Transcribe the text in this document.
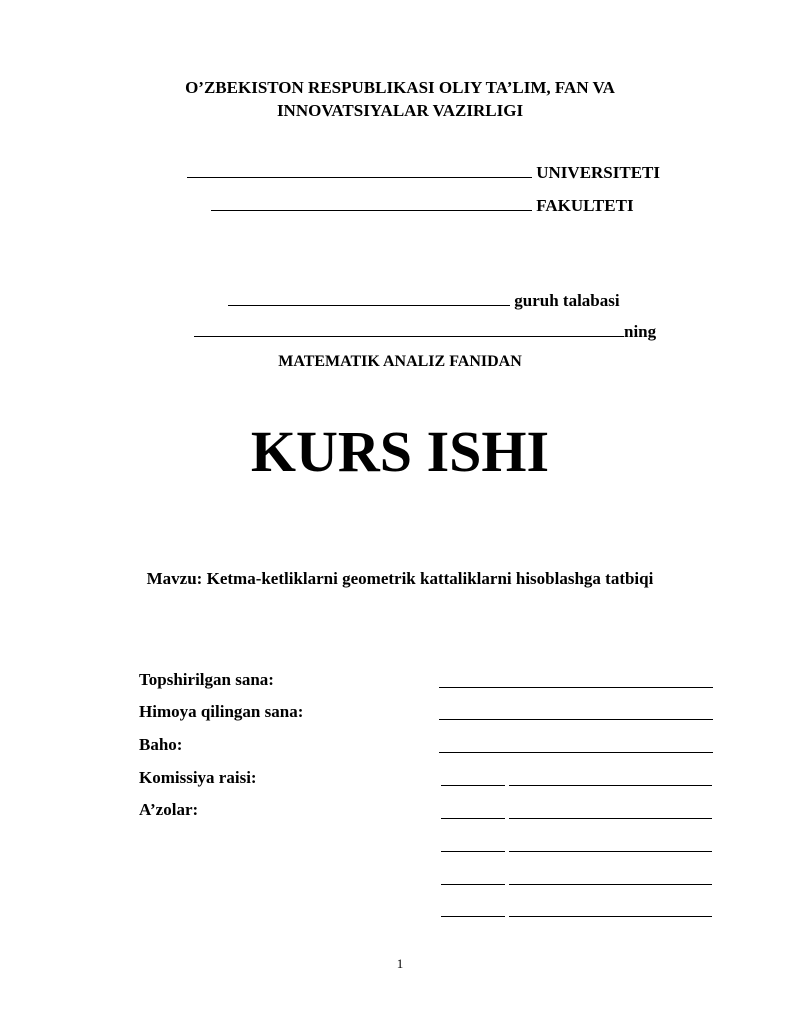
O’ZBEKISTON RESPUBLIKASI OLIY TA’LIM, FAN VA
INNOVATSIYALAR VAZIRLIGI
UNIVERSITETI
FAKULTETI
guruh talabasi
ning
MATEMATIK ANALIZ FANIDAN
KURS ISHI
Mavzu: Ketma-ketliklarni geometrik kattaliklarni hisoblashga tatbiqi
Topshirilgan sana:
Himoya qilingan sana:
Baho:
Komissiya raisi:
A’zolar:
1
